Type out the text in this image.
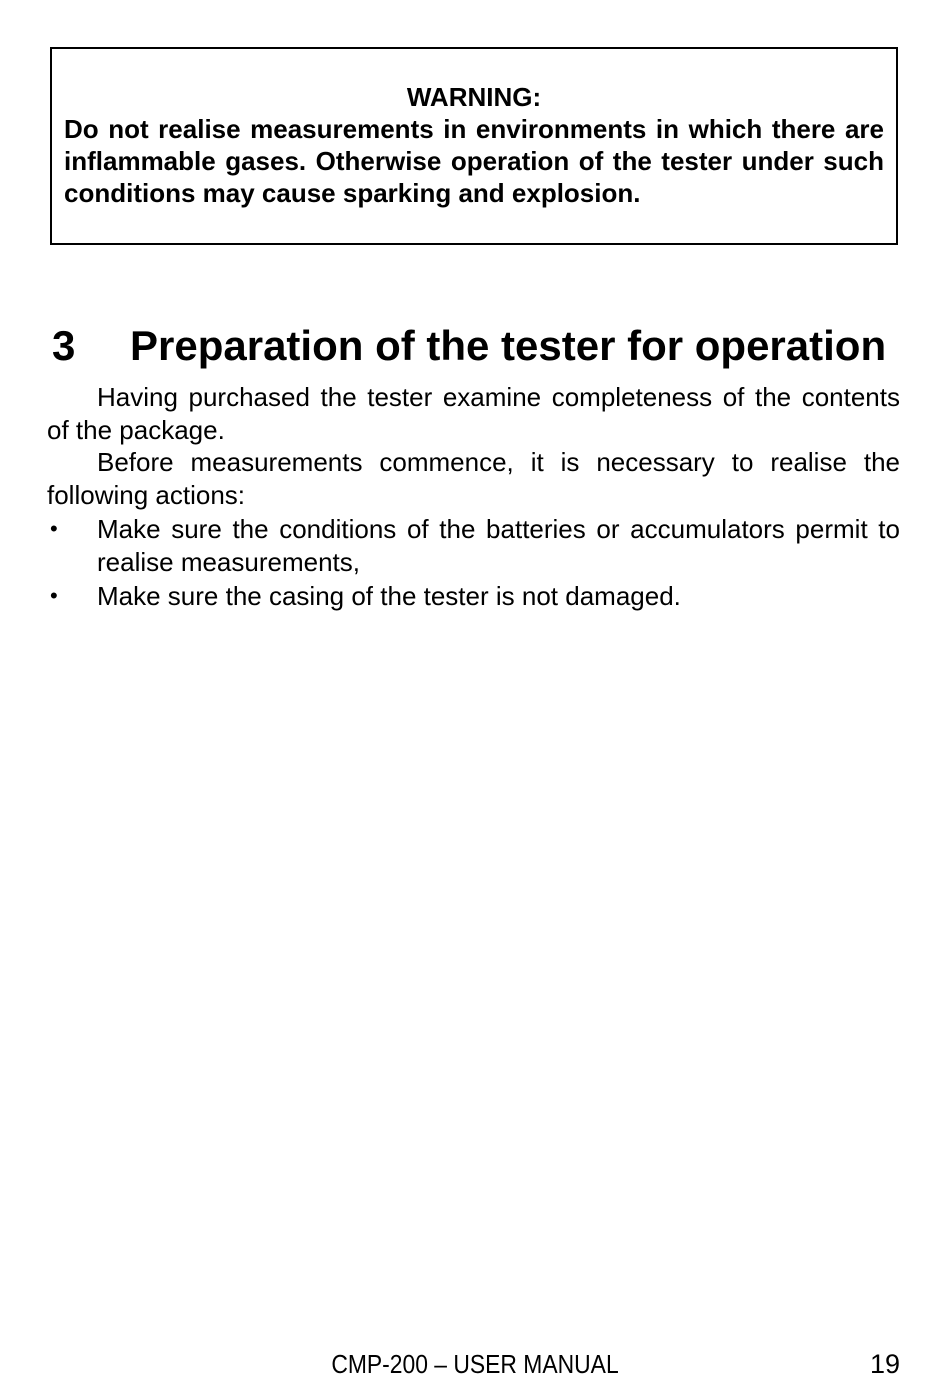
WARNING:

Do not realise measurements in environments in which there are inflammable gases. Otherwise operation of the tester under such conditions may cause sparking and explosion.

3 Preparation of the tester for operation

Having purchased the tester examine completeness of the contents of the package.

Before measurements commence, it is necessary to realise the following actions:

• Make sure the conditions of the batteries or accumulators permit to realise measurements,
• Make sure the casing of the tester is not damaged.
CMP-200 – USER MANUAL	19
